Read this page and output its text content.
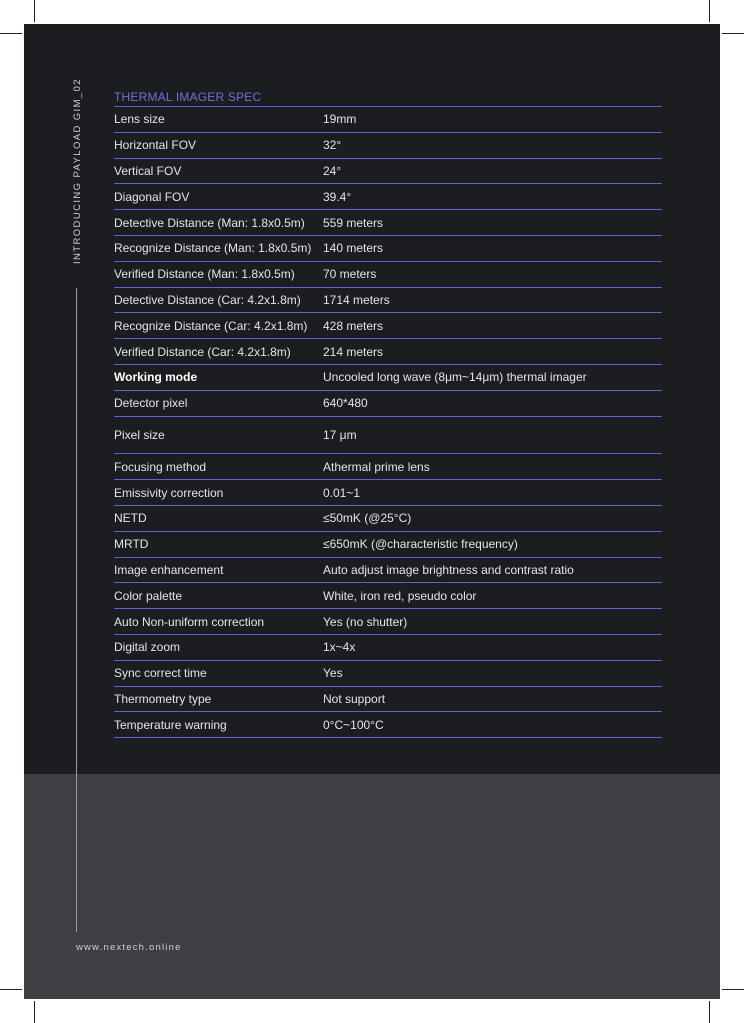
INTRODUCING PAYLOAD GIM_02	THERMAL IMAGER SPEC
Lens size	19mm
Horizontal FOV	32°
Vertical FOV	24°
Diagonal FOV	39.4°
Detective Distance (Man: 1.8x0.5m)	559 meters
Recognize Distance (Man: 1.8x0.5m) 140 meters
Verified Distance (Man: 1.8x0.5m)	70 meters
Detective Distance (Car: 4.2x1.8m)	1714 meters
Recognize Distance (Car: 4.2x1.8m)	428 meters
Verified Distance (Car: 4.2x1.8m)	214 meters
Working mode	Uncooled long wave (8μm~14μm) thermal imager
Detector pixel	640*480
Pixel size	17 μm
Focusing method	Athermal prime lens
Emissivity correction	0.01~1
NETD	≤50mK (@25°C)
MRTD	≤650mK (@characteristic frequency)
Image enhancement	Auto adjust image brightness and contrast ratio
Color palette	White, iron red, pseudo color
Auto Non-uniform correction	Yes (no shutter)
Digital zoom	1x~4x
Sync correct time	Yes
Thermometry type	Not support
Temperature warning	0°C~100°C
www.nextech.online
